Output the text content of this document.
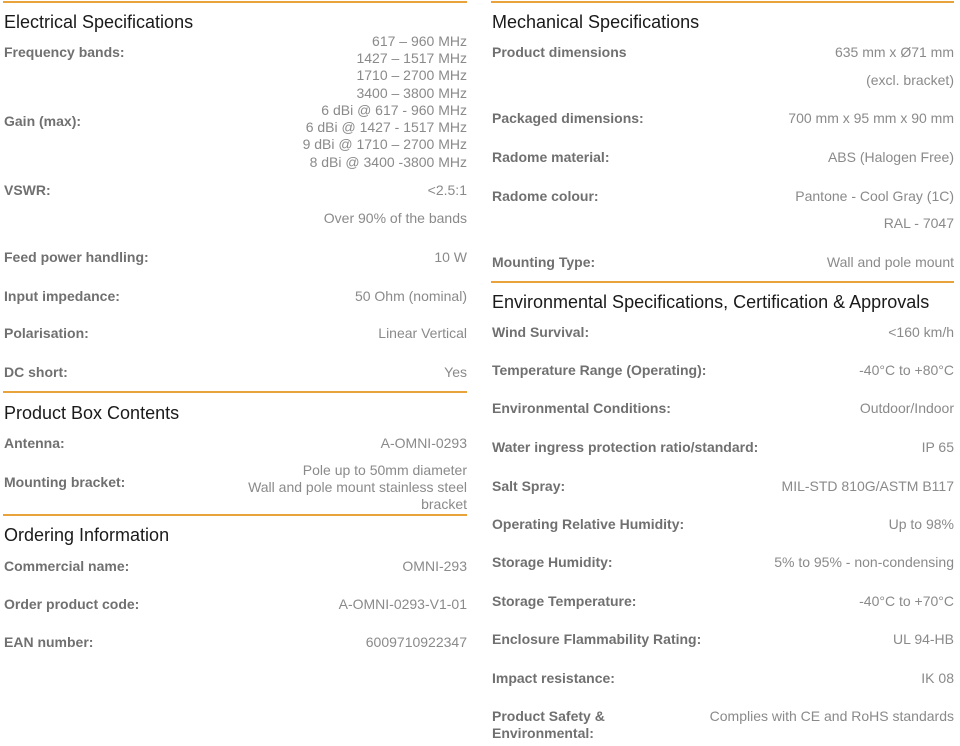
Electrical Specifications
Frequency bands:
617 – 960 MHz
1427 – 1517 MHz
1710 – 2700 MHz
3400 – 3800 MHz
Gain (max):
6 dBi @ 617 - 960 MHz
6 dBi @ 1427 - 1517 MHz
9 dBi @ 1710 – 2700 MHz
8 dBi @ 3400 -3800 MHz
VSWR:	<2.5:1
Over 90% of the bands
Feed power handling:	10 W
Input impedance:	50 Ohm (nominal)
Polarisation:	Linear Vertical
DC short:	Yes
Product Box Contents
Antenna:	A-OMNI-0293
Mounting bracket:
Pole up to 50mm diameter
Wall and pole mount stainless steel
bracket
Ordering Information
Commercial name:	OMNI-293
Order product code:	A-OMNI-0293-V1-01
EAN number:	6009710922347
Mechanical Specifications
Product dimensions	635 mm x Ø71 mm
(excl. bracket)
Packaged dimensions:	700 mm x 95 mm x 90 mm
Radome material:	ABS (Halogen Free)
Radome colour:	Pantone - Cool Gray (1C)
RAL - 7047
Mounting Type:	Wall and pole mount
Environmental Specifications, Certification & Approvals
Wind Survival:	<160 km/h
Temperature Range (Operating):	-40°C to +80°C
Environmental Conditions:	Outdoor/Indoor
Water ingress protection ratio/standard:	IP 65
Salt Spray:	MIL-STD 810G/ASTM B117
Operating Relative Humidity:	Up to 98%
Storage Humidity:	5% to 95% - non-condensing
Storage Temperature:	-40°C to +70°C
Enclosure Flammability Rating:	UL 94-HB
Impact resistance:	IK 08
Product Safety &
Environmental:
Complies with CE and RoHS standards
